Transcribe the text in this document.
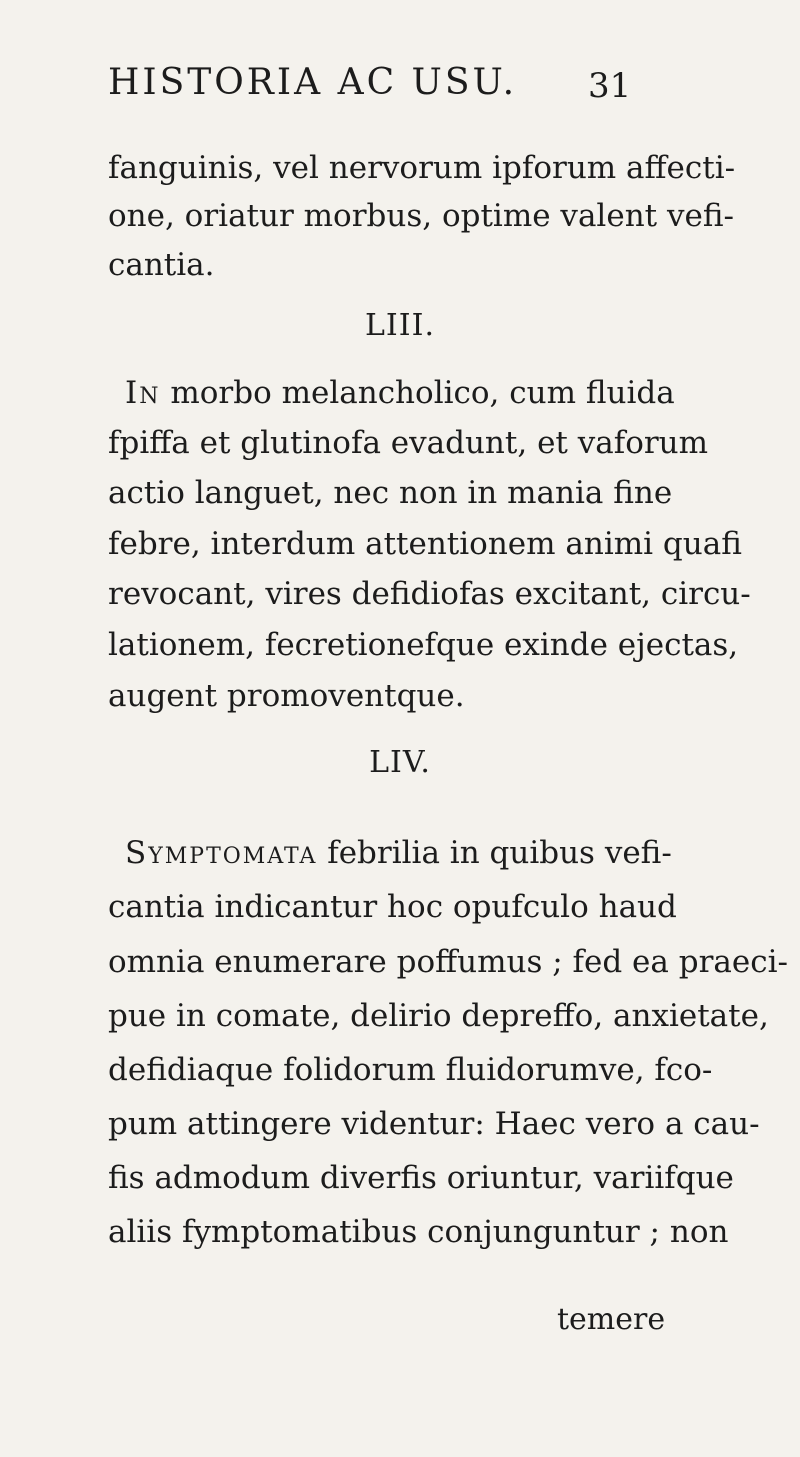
HISTORIA AC USU. 31
fanguinis, vel nervorum ipforum affecti-
one, oriatur morbus, optime valent vefi-
cantia.
LIII.
In morbo melancholico, cum fluida
fpiffa et glutinofa evadunt, et vaforum
actio languet, nec non in mania fine
febre, interdum attentionem animi quafi
revocant, vires defidiofas excitant, circu-
lationem, fecretionefque exinde ejectas,
augent promoventque.
LIV.
Symptomata febrilia in quibus vefi-
cantia indicantur hoc opufculo haud
omnia enumerare poffumus ; fed ea praeci-
pue in comate, delirio depreffo, anxietate,
defidiaque folidorum fluidorumve, fco-
pum attingere videntur: Haec vero a cau-
fis admodum diverfis oriuntur, variifque
aliis fymptomatibus conjunguntur ; non
temere
